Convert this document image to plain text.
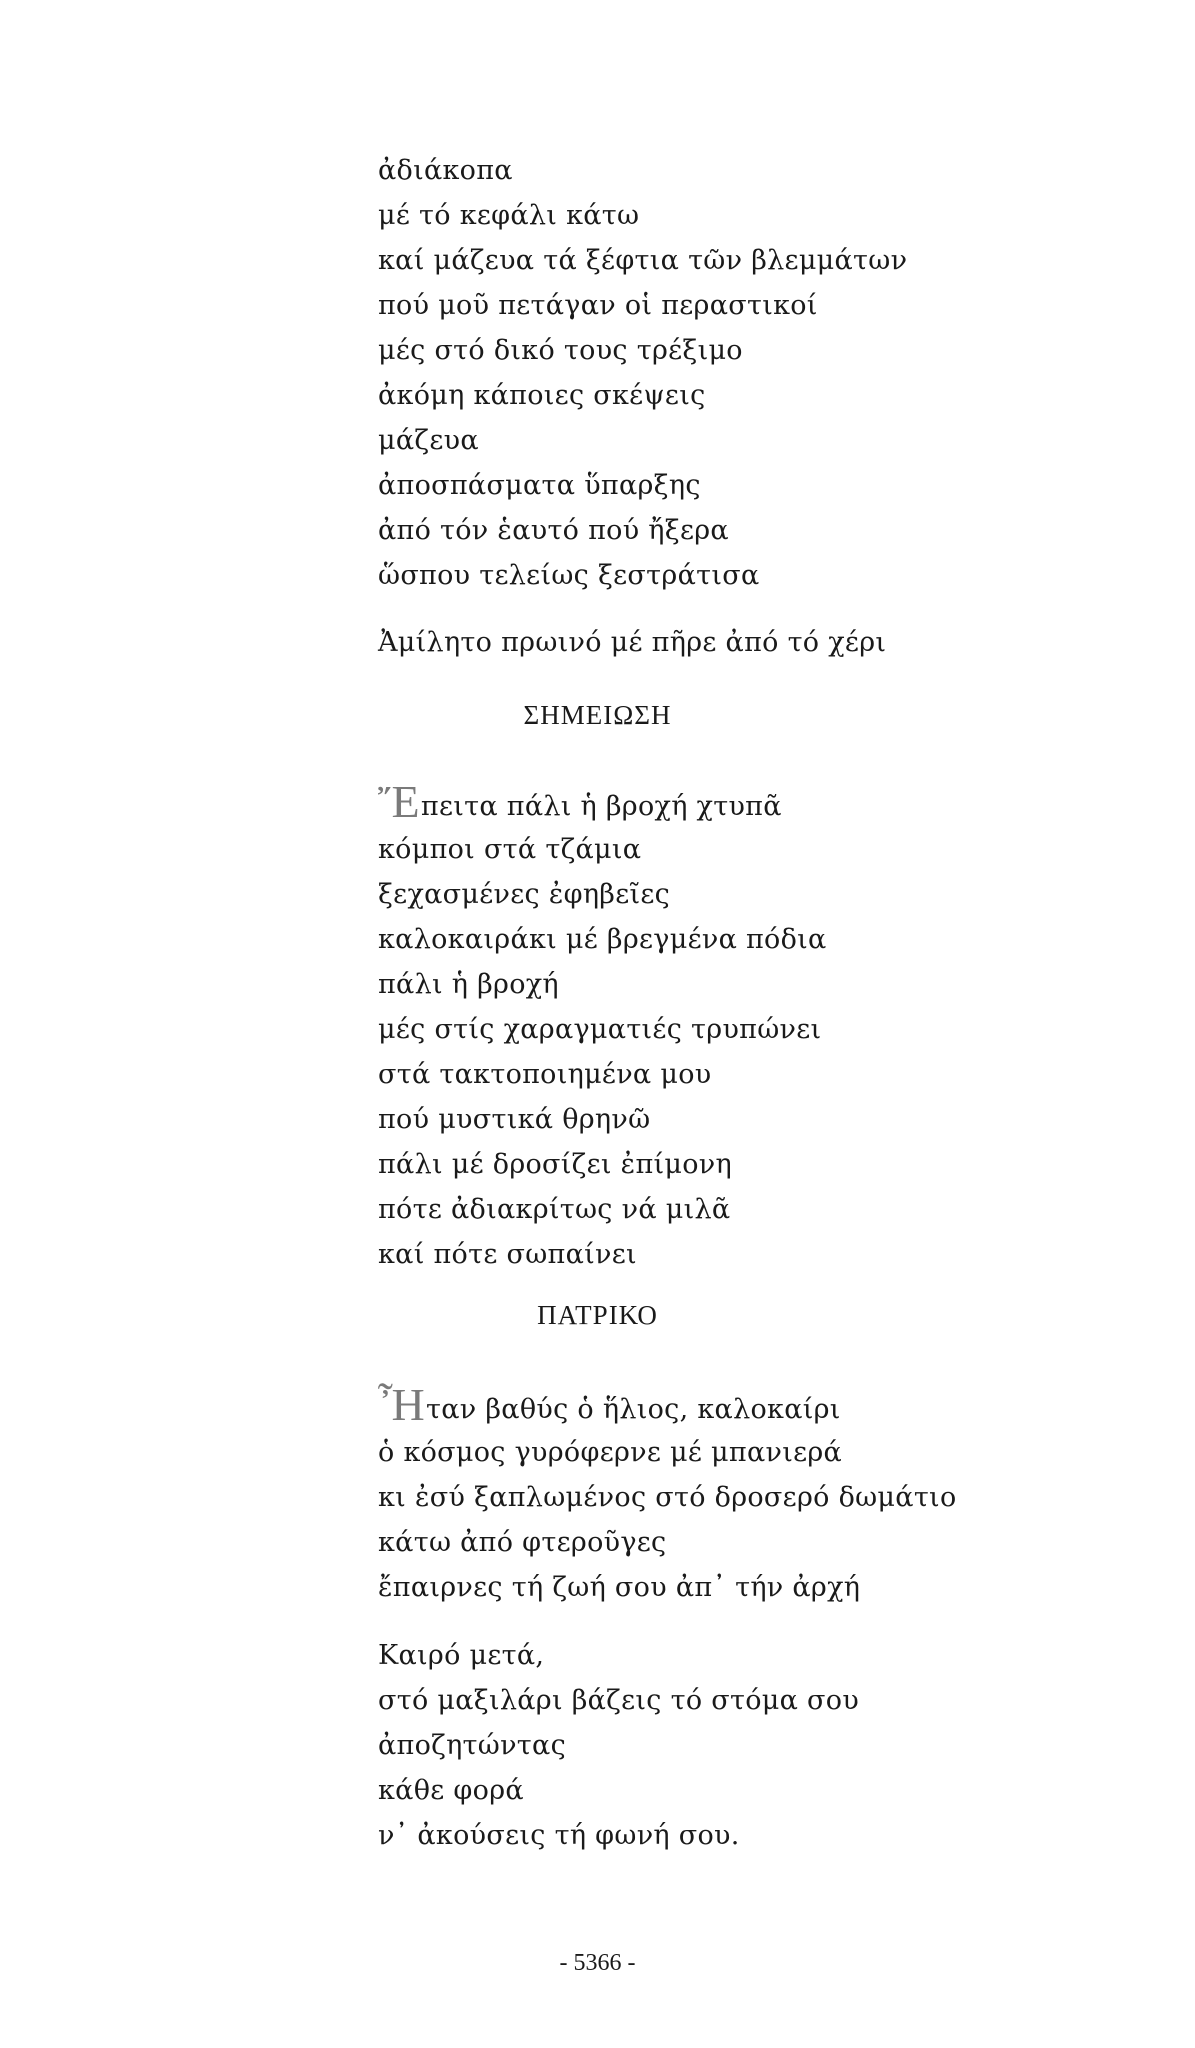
ἀδιάκοπα
μέ τό κεφάλι κάτω
καί μάζευα τά ξέφτια τῶν βλεμμάτων
πού μοῦ πετάγαν οἱ περαστικοί
μές στό δικό τους τρέξιμο
ἀκόμη κάποιες σκέψεις
μάζευα
ἀποσπάσματα ὕπαρξης
ἀπό τόν ἑαυτό πού ἤξερα
ὥσπου τελείως ξεστράτισα
Ἀμίλητο πρωινό μέ πῆρε ἀπό τό χέρι
ΣΗΜΕΙΩΣΗ
Ἔπειτα πάλι ἡ βροχή χτυπᾶ
κόμποι στά τζάμια
ξεχασμένες ἐφηβεῖες
καλοκαιράκι μέ βρεγμένα πόδια
πάλι ἡ βροχή
μές στίς χαραγματιές τρυπώνει
στά τακτοποιημένα μου
πού μυστικά θρηνῶ
πάλι μέ δροσίζει ἐπίμονη
πότε ἀδιακρίτως νά μιλᾶ
καί πότε σωπαίνει
ΠΑΤΡΙΚΟ
Ἦταν βαθύς ὁ ἥλιος, καλοκαίρι
ὁ κόσμος γυρόφερνε μέ μπανιερά
κι ἐσύ ξαπλωμένος στό δροσερό δωμάτιο
κάτω ἀπό φτεροῦγες
ἔπαιρνες τή ζωή σου ἀπ᾽ τήν ἀρχή
Καιρό μετά,
στό μαξιλάρι βάζεις τό στόμα σου
ἀποζητώντας
κάθε φορά
ν᾽ ἀκούσεις τή φωνή σου.
- 5366 -
